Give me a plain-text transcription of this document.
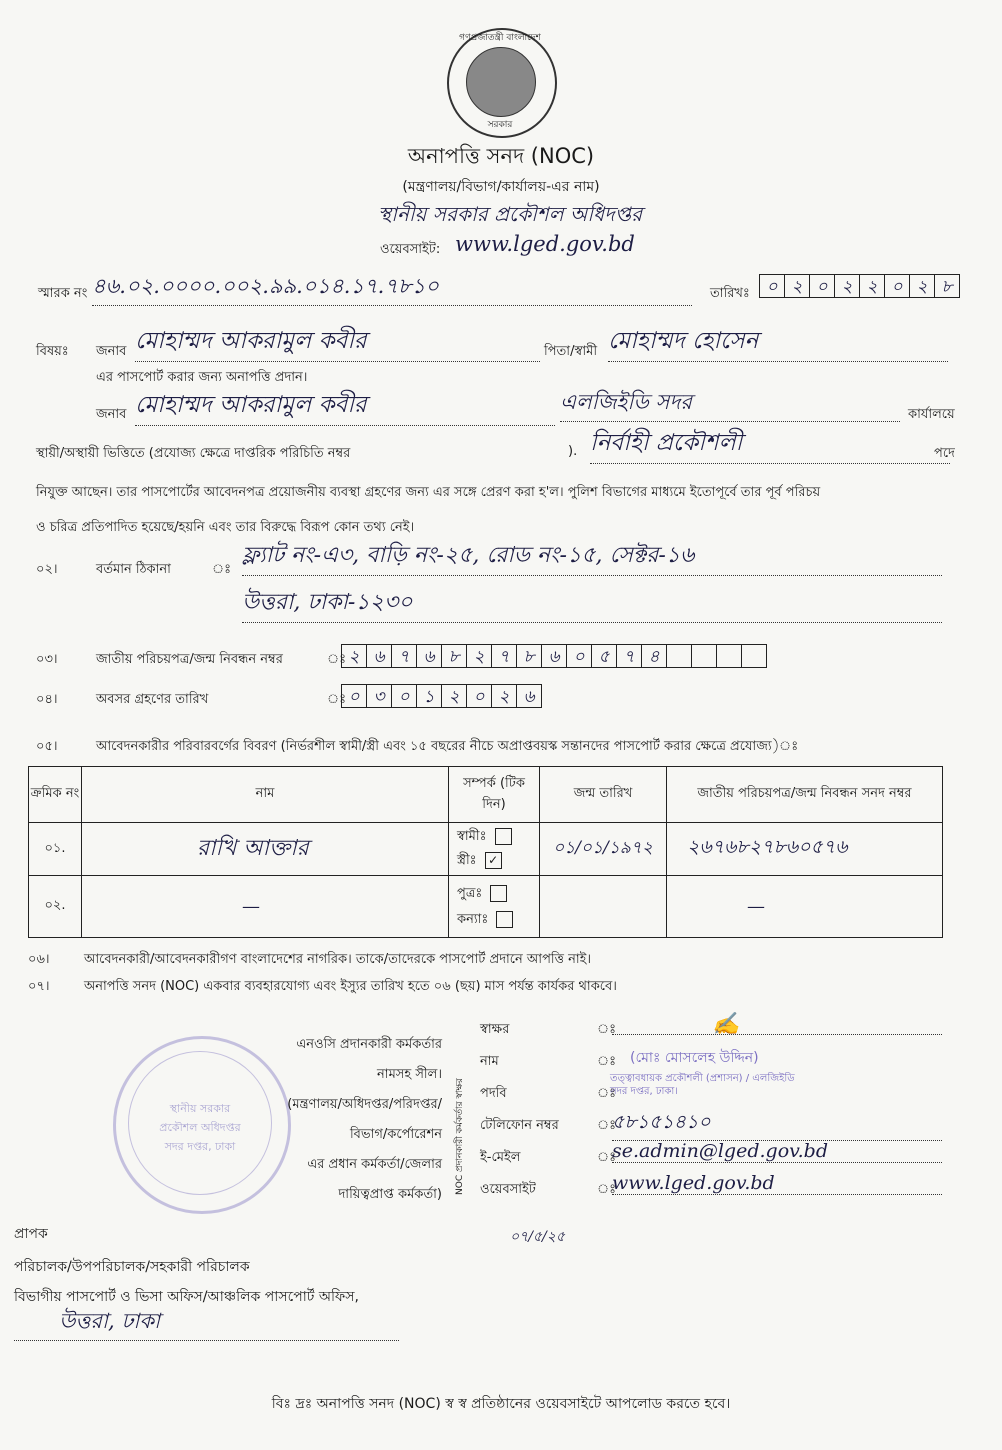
গণপ্রজাতন্ত্রী বাংলাদেশ
সরকার
অনাপত্তি সনদ (NOC)
(মন্ত্রণালয়/বিভাগ/কার্যালয়-এর নাম)
স্থানীয় সরকার প্রকৌশল অধিদপ্তর
ওয়েবসাইট: www.lged.gov.bd
স্মারক নং ৪৬.০২.০০০০.০০২.৯৯.০১৪.১৭.৭৮১০	তারিখঃ ০ ২ ০ ২ ২ ০ ২ ৮
বিষয়ঃ জনাব মোহাম্মদ আকরামুল কবীর	পিতা/স্বামী মোহাম্মদ হোসেন
এর পাসপোর্ট করার জন্য অনাপত্তি প্রদান।
জনাব মোহাম্মদ আকরামুল কবীর	এলজিইডি সদর
কার্যালয়ে
স্থায়ী/অস্থায়ী ভিত্তিতে (প্রযোজ্য ক্ষেত্রে দাপ্তরিক পরিচিতি নম্বর	). নির্বাহী প্রকৌশলী	পদে
নিযুক্ত আছেন। তার পাসপোর্টের আবেদনপত্র প্রয়োজনীয় ব্যবস্থা গ্রহণের জন্য এর সঙ্গে প্রেরণ করা হ'ল। পুলিশ বিভাগের মাধ্যমে ইতোপূর্বে তার পূর্ব পরিচয়
ও চরিত্র প্রতিপাদিত হয়েছে/হয়নি এবং তার বিরুদ্ধে বিরূপ কোন তথ্য নেই।
০২।	বর্তমান ঠিকানা	ঃ
ফ্ল্যাট নং-এ৩, বাড়ি নং-২৫, রোড নং-১৫, সেক্টর-১৬
উত্তরা, ঢাকা-১২৩০
০৩।	জাতীয় পরিচয়পত্র/জন্ম নিবন্ধন নম্বর	ঃ ২ ৬ ৭ ৬ ৮ ২ ৭ ৮ ৬ ০ ৫ ৭ ৪
০৪।	অবসর গ্রহণের তারিখ	ঃ ০ ৩ ০ ১ ২ ০ ২ ৬
০৫।	আবেদনকারীর পরিবারবর্গের বিবরণ (নির্ভরশীল স্বামী/স্ত্রী এবং ১৫ বছরের নীচে অপ্রাপ্তবয়স্ক সন্তানদের পাসপোর্ট করার ক্ষেত্রে প্রযোজ্য)ঃ
ক্রমিক নং	নাম	সম্পর্ক (টিক দিন)	জন্ম তারিখ	জাতীয় পরিচয়পত্র/জন্ম নিবন্ধন সনদ নম্বর
০১.	রাখি আক্তার	স্বামীঃ
স্ত্রীঃ ✓	০১/০১/১৯৭২	২৬৭৬৮২৭৮৬০৫৭৬
০২.	—	পুত্রঃ
কন্যাঃ		—
০৬।	আবেদনকারী/আবেদনকারীগণ বাংলাদেশের নাগরিক। তাকে/তাদেরকে পাসপোর্ট প্রদানে আপত্তি নাই।
০৭।	অনাপত্তি সনদ (NOC) একবার ব্যবহারযোগ্য এবং ইস্যুর তারিখ হতে ০৬ (ছয়) মাস পর্যন্ত কার্যকর থাকবে।
স্থানীয় সরকার প্রকৌশল অধিদপ্তর সদর দপ্তর, ঢাকা
এনওসি প্রদানকারী কর্মকর্তার
নামসহ সীল।
(মন্ত্রণালয়/অধিদপ্তর/পরিদপ্তর/
বিভাগ/কর্পোরেশন
এর প্রধান কর্মকর্তা/জেলার
দায়িত্বপ্রাপ্ত কর্মকর্তা)	NOC প্রদানকারী কর্মকর্তার স্বাক্ষর
স্বাক্ষর	ঃ	✍
নাম	ঃ (মোঃ মোসলেহ উদ্দিন)
পদবি	ঃ
তত্ত্বাবধায়ক প্রকৌশলী (প্রশাসন) / এলজিইডি সদর দপ্তর, ঢাকা।
টেলিফোন নম্বর	ঃ
৫৮১৫১৪১০
ই-মেইল	ঃ
se.admin@lged.gov.bd
ওয়েবসাইট	ঃ
www.lged.gov.bd
প্রাপক	০৭/৫/২৫
পরিচালক/উপপরিচালক/সহকারী পরিচালক
বিভাগীয় পাসপোর্ট ও ভিসা অফিস/আঞ্চলিক পাসপোর্ট অফিস,
উত্তরা, ঢাকা
বিঃ দ্রঃ অনাপত্তি সনদ (NOC) স্ব স্ব প্রতিষ্ঠানের ওয়েবসাইটে আপলোড করতে হবে।
